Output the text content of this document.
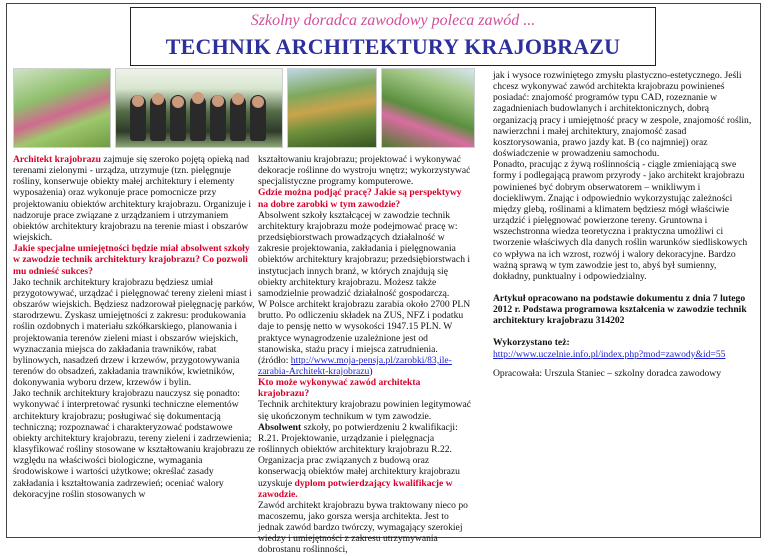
Szkolny doradca zawodowy poleca zawód ...
TECHNIK ARCHITEKTURY KRAJOBRAZU

Architekt krajobrazu zajmuje się szeroko pojętą opieką nad terenami zielonymi - urządza, utrzymuje (tzn. pielęgnuje rośliny, konserwuje obiekty małej architektury i elementy wyposażenia) oraz wykonuje prace pomocnicze przy projektowaniu obiektów architektury krajobrazu. Organizuje i nadzoruje prace związane z urządzaniem i utrzymaniem obiektów architektury krajobrazu na terenie miast i obszarów wiejskich.

Jakie specjalne umiejętności będzie miał absolwent szkoły w zawodzie technik architektury krajobrazu? Co pozwoli mu odnieść sukces?

Jako technik architektury krajobrazu będziesz umiał przygotowywać, urządzać i pielęgnować tereny zieleni miast i obszarów wiejskich. Będziesz nadzorował pielęgnację parków, starodrzewu. Zyskasz umiejętności z zakresu: produkowania roślin ozdobnych i materiału szkółkarskiego, planowania i projektowania terenów zieleni miast i obszarów wiejskich, wyznaczania miejsca do zakładania trawników, rabat bylinowych, nasadzeń drzew i krzewów, przygotowywania terenów do obsadzeń, zakładania trawników, kwietników, dokonywania wyboru drzew, krzewów i bylin.

Jako technik architektury krajobrazu nauczysz się ponadto: wykonywać i interpretować rysunki techniczne elementów architektury krajobrazu; posługiwać się dokumentacją techniczną; rozpoznawać i charakteryzować podstawowe obiekty architektury krajobrazu, tereny zieleni i zadrzewienia; klasyfikować rośliny stosowane w kształtowaniu krajobrazu ze względu na właściwości biologiczne, wymagania środowiskowe i wartości użytkowe; określać zasady zakładania i kształtowania zadrzewień; oceniać walory dekoracyjne roślin stosowanych w

kształtowaniu krajobrazu; projektować i wykonywać dekoracje roślinne do wystroju wnętrz; wykorzystywać specjalistyczne programy komputerowe.

Gdzie można podjąć pracę? Jakie są perspektywy na dobre zarobki w tym zawodzie?

Absolwent szkoły kształcącej w zawodzie technik architektury krajobrazu może podejmować pracę w: przedsiębiorstwach prowadzących działalność w zakresie projektowania, zakładania i pielęgnowania obiektów architektury krajobrazu; przedsiębiorstwach i instytucjach innych branż, w których znajdują się obiekty architektury krajobrazu. Możesz także samodzielnie prowadzić działalność gospodarczą.

W Polsce architekt krajobrazu zarabia około 2700 PLN brutto. Po odliczeniu składek na ZUS, NFZ i podatku daje to pensję netto w wysokości 1947.15 PLN. W praktyce wynagrodzenie uzależnione jest od stanowiska, stażu pracy i miejsca zatrudnienia.

(źródło: http://www.moja-pensja.pl/zarobki/83,ile-zarabia-Architekt-krajobrazu)

Kto może wykonywać zawód architekta krajobrazu?

Technik architektury krajobrazu powinien legitymować się ukończonym technikum w tym zawodzie. Absolwent szkoły, po potwierdzeniu 2 kwalifikacji: R.21. Projektowanie, urządzanie i pielęgnacja roślinnych obiektów architektury krajobrazu R.22. Organizacja prac związanych z budową oraz konserwacją obiektów małej architektury krajobrazu uzyskuje dyplom potwierdzający kwalifikacje w zawodzie.

Zawód architekt krajobrazu bywa traktowany nieco po macoszemu, jako gorsza wersja architekta. Jest to jednak zawód bardzo twórczy, wymagający szerokiej wiedzy i umiejętności z zakresu utrzymywania dobrostanu roślinności,

jak i wysoce rozwiniętego zmysłu plastyczno-estetycznego. Jeśli chcesz wykonywać zawód architekta krajobrazu powinieneś posiadać: znajomość programów typu CAD, rozeznanie w zagadnieniach budowlanych i architektonicznych, dobrą organizacją pracy i umiejętność pracy w zespole, znajomość roślin, nawierzchni i małej architektury, znajomość zasad kosztorysowania, prawo jazdy kat. B (co najmniej) oraz doświadczenie w prowadzeniu samochodu.

Ponadto, pracując z żywą roślinnością - ciągle zmieniającą swe formy i podlegającą prawom przyrody - jako architekt krajobrazu powinieneś być dobrym obserwatorem – wnikliwym i dociekliwym. Znając i odpowiednio wykorzystując zależności między glebą, roślinami a klimatem będziesz mógł właściwie urządzić i pielęgnować powierzone tereny. Gruntowna i wszechstronna wiedza teoretyczna i praktyczna umożliwi ci tworzenie właściwych dla danych roślin warunków siedliskowych co wpływa na ich wzrost, rozwój i walory dekoracyjne. Bardzo ważną sprawą w tym zawodzie jest to, abyś był sumienny, dokładny, punktualny i odpowiedzialny.

Artykuł opracowano na podstawie dokumentu z dnia 7 lutego 2012 r. Podstawa programowa kształcenia w zawodzie technik architektury krajobrazu 314202

Wykorzystano też:

http://www.uczelnie.info.pl/index.php?mod=zawody&id=55

Opracowała: Urszula Staniec – szkolny doradca zawodowy
